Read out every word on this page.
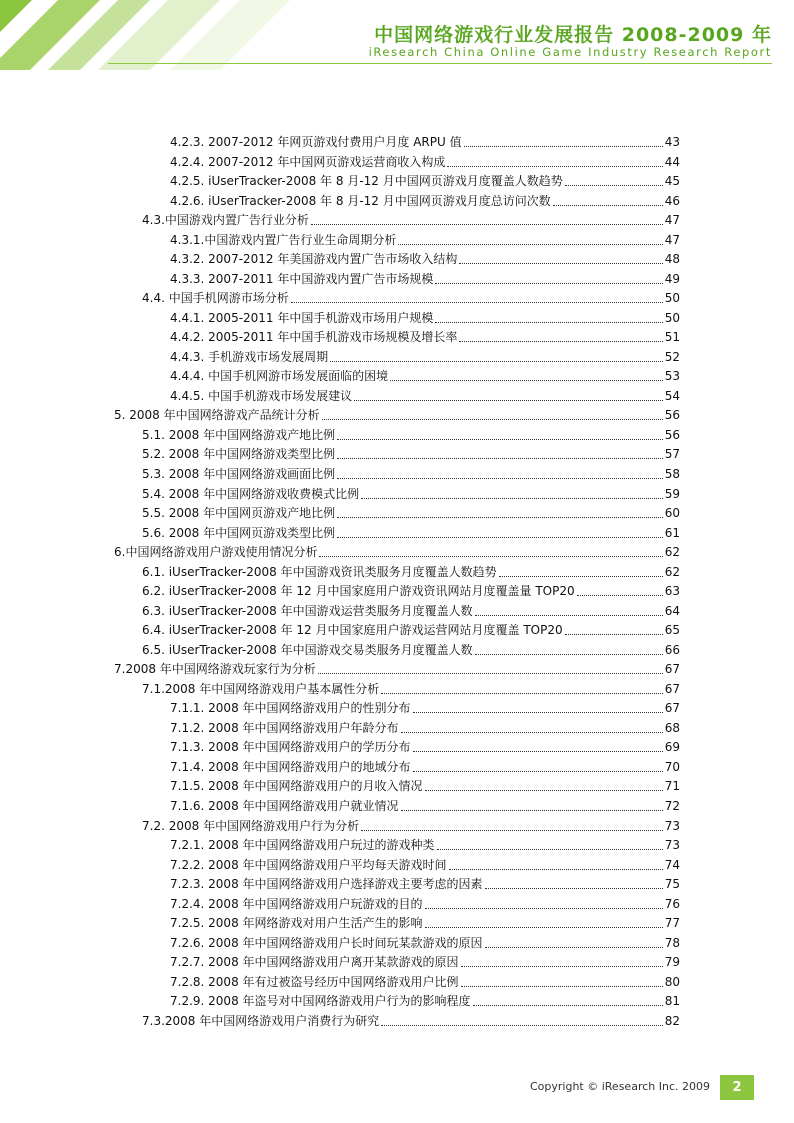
中国网络游戏行业发展报告 2008-2009 年
iResearch China Online Game Industry Research Report
4.2.3. 2007-2012 年网页游戏付费用户月度 ARPU 值	43
4.2.4. 2007-2012 年中国网页游戏运营商收入构成	44
4.2.5. iUserTracker-2008 年 8 月-12 月中国网页游戏月度覆盖人数趋势	45
4.2.6. iUserTracker-2008 年 8 月-12 月中国网页游戏月度总访问次数	46
4.3.中国游戏内置广告行业分析	47
4.3.1.中国游戏内置广告行业生命周期分析	47
4.3.2. 2007-2012 年美国游戏内置广告市场收入结构	48
4.3.3. 2007-2011 年中国游戏内置广告市场规模	49
4.4. 中国手机网游市场分析	50
4.4.1. 2005-2011 年中国手机游戏市场用户规模	50
4.4.2. 2005-2011 年中国手机游戏市场规模及增长率	51
4.4.3. 手机游戏市场发展周期	52
4.4.4. 中国手机网游市场发展面临的困境	53
4.4.5. 中国手机游戏市场发展建议	54
5. 2008 年中国网络游戏产品统计分析	56
5.1. 2008 年中国网络游戏产地比例	56
5.2. 2008 年中国网络游戏类型比例	57
5.3. 2008 年中国网络游戏画面比例	58
5.4. 2008 年中国网络游戏收费模式比例	59
5.5. 2008 年中国网页游戏产地比例	60
5.6. 2008 年中国网页游戏类型比例	61
6.中国网络游戏用户游戏使用情况分析	62
6.1. iUserTracker-2008 年中国游戏资讯类服务月度覆盖人数趋势	62
6.2. iUserTracker-2008 年 12 月中国家庭用户游戏资讯网站月度覆盖量 TOP20	63
6.3. iUserTracker-2008 年中国游戏运营类服务月度覆盖人数	64
6.4. iUserTracker-2008 年 12 月中国家庭用户游戏运营网站月度覆盖 TOP20	65
6.5. iUserTracker-2008 年中国游戏交易类服务月度覆盖人数	66
7.2008 年中国网络游戏玩家行为分析	67
7.1.2008 年中国网络游戏用户基本属性分析	67
7.1.1. 2008 年中国网络游戏用户的性别分布	67
7.1.2. 2008 年中国网络游戏用户年龄分布	68
7.1.3. 2008 年中国网络游戏用户的学历分布	69
7.1.4. 2008 年中国网络游戏用户的地域分布	70
7.1.5. 2008 年中国网络游戏用户的月收入情况	71
7.1.6. 2008 年中国网络游戏用户就业情况	72
7.2. 2008 年中国网络游戏用户行为分析	73
7.2.1. 2008 年中国网络游戏用户玩过的游戏种类	73
7.2.2. 2008 年中国网络游戏用户平均每天游戏时间	74
7.2.3. 2008 年中国网络游戏用户选择游戏主要考虑的因素	75
7.2.4. 2008 年中国网络游戏用户玩游戏的目的	76
7.2.5. 2008 年网络游戏对用户生活产生的影响	77
7.2.6. 2008 年中国网络游戏用户长时间玩某款游戏的原因	78
7.2.7. 2008 年中国网络游戏用户离开某款游戏的原因	79
7.2.8. 2008 年有过被盗号经历中国网络游戏用户比例	80
7.2.9. 2008 年盗号对中国网络游戏用户行为的影响程度	81
7.3.2008 年中国网络游戏用户消费行为研究	82
Copyright © iResearch Inc. 2009	2
